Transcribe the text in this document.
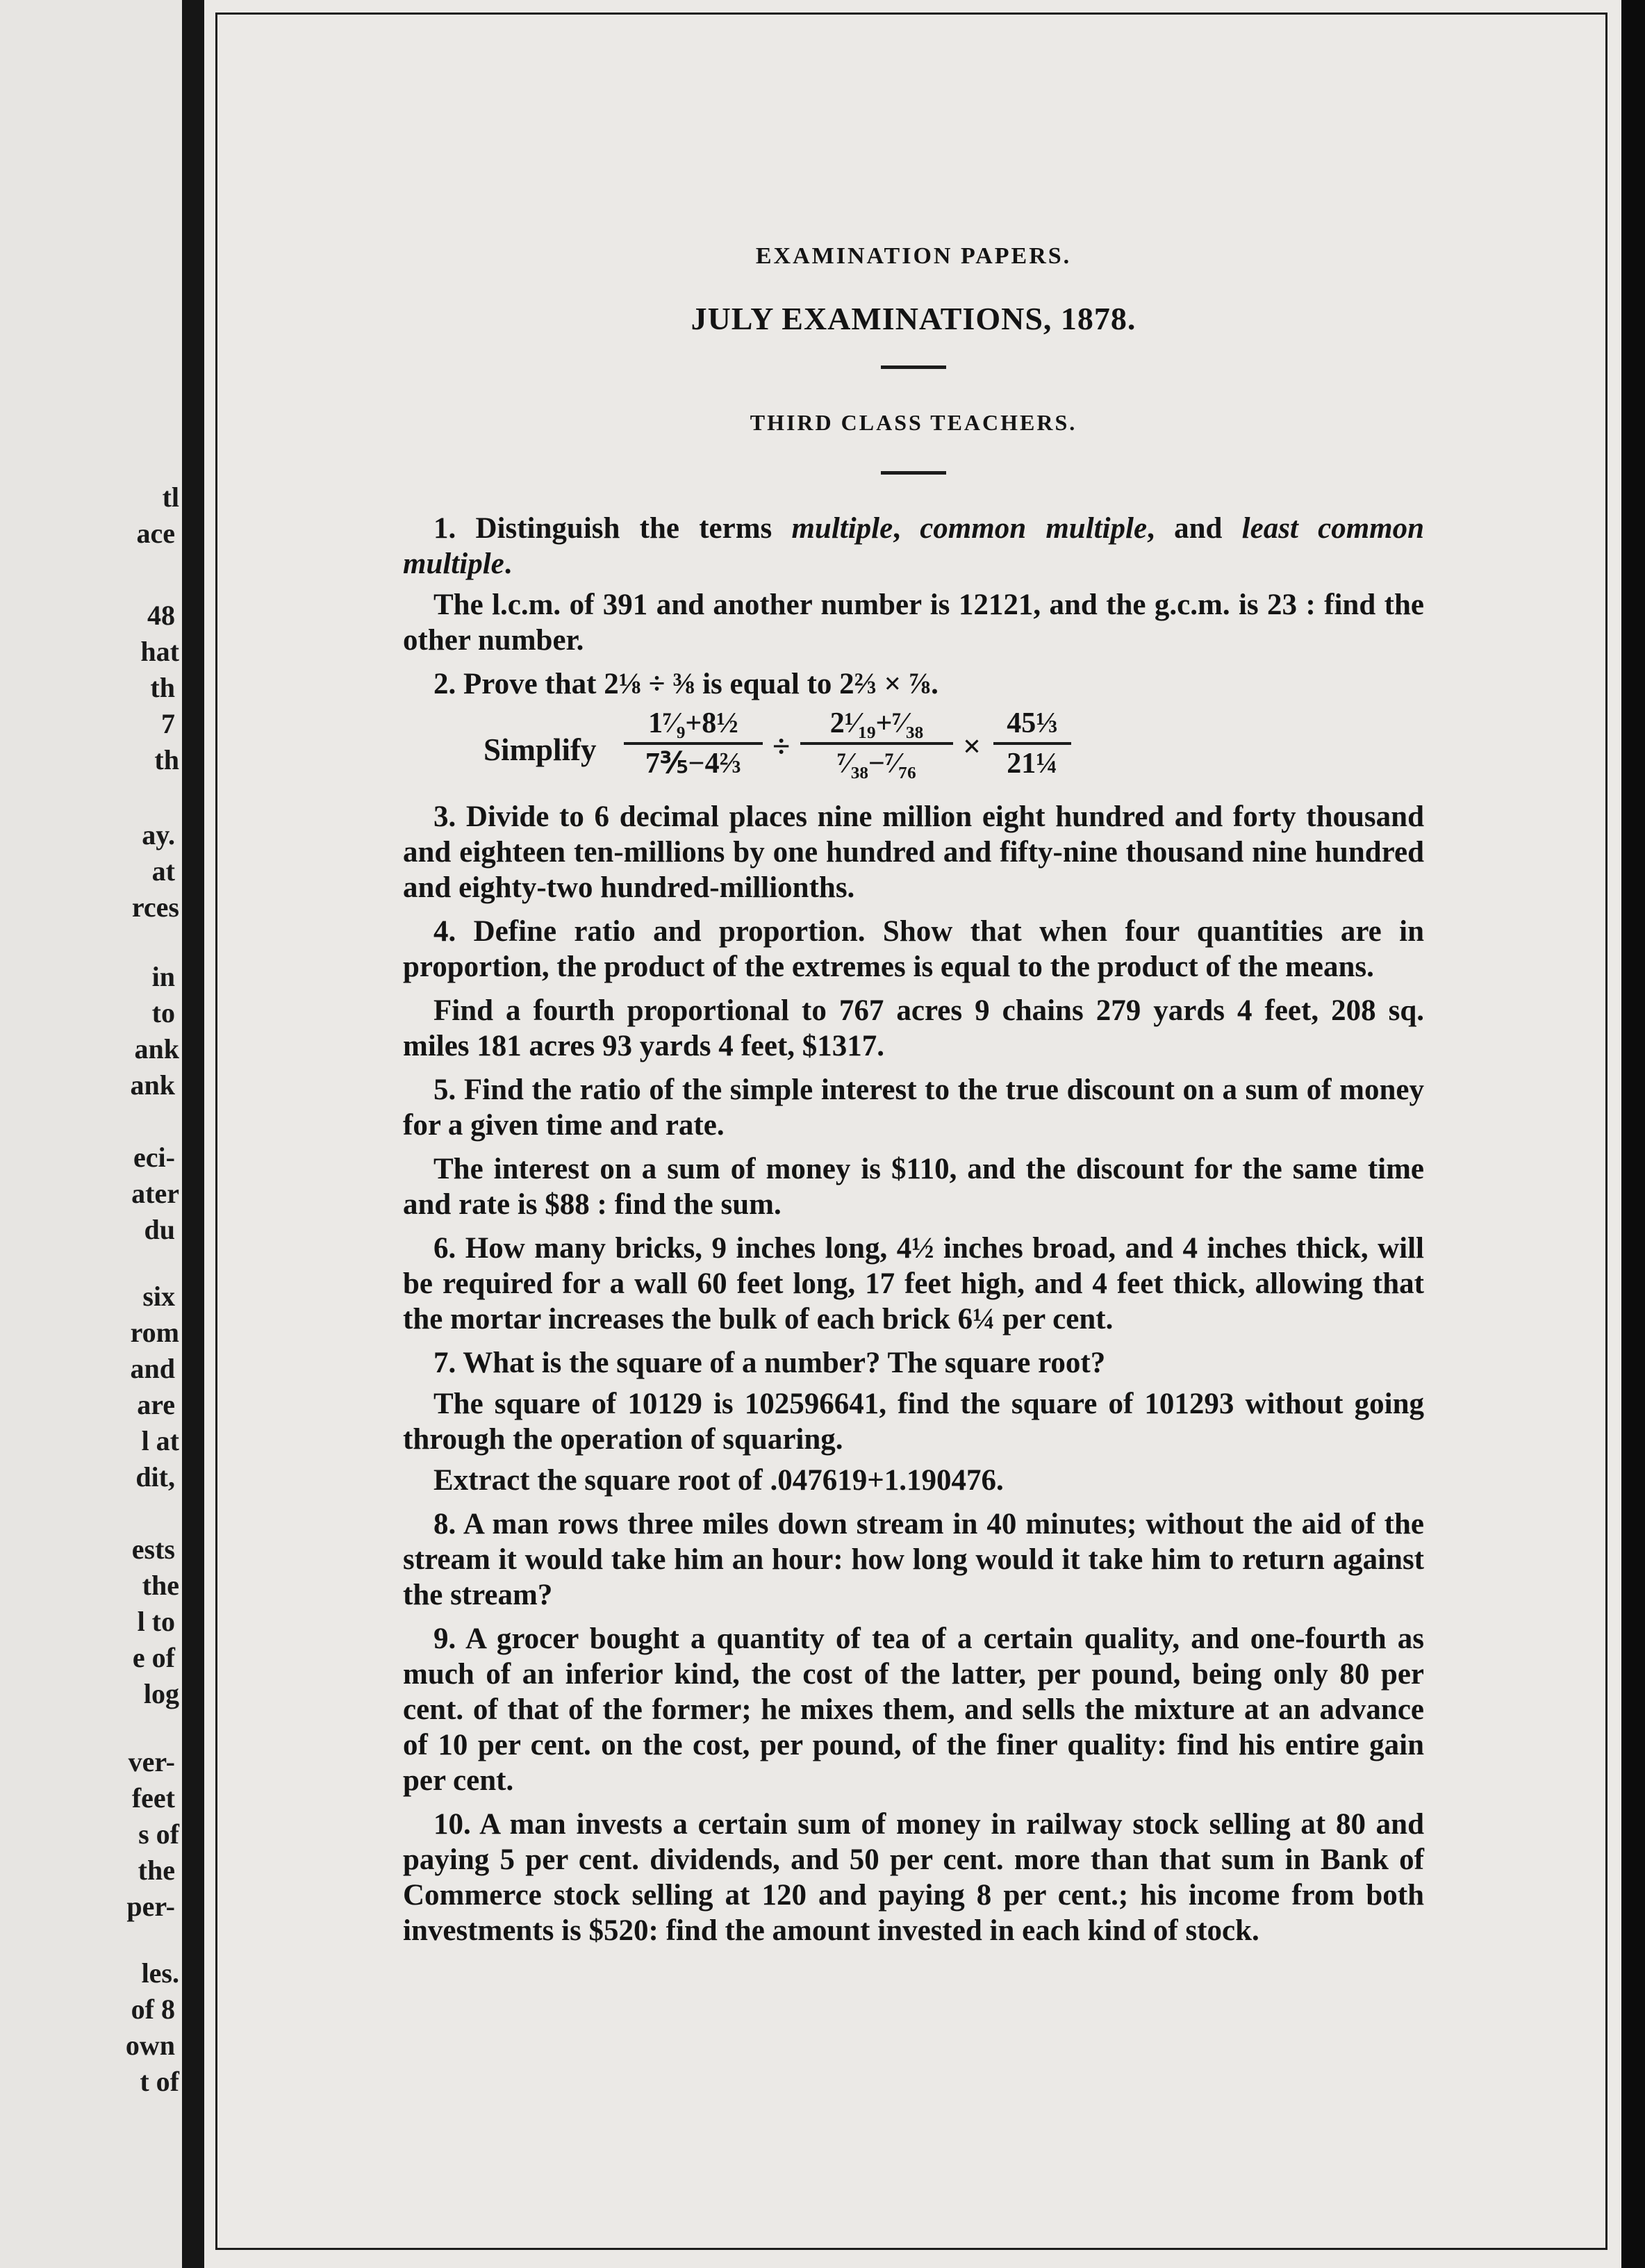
tl
ace
48
hat
th
7
th
ay.
at
rces
in
to
ank
ank
eci-
ater
du
six
rom
and
are
l at
dit,
ests
the
l to
e of
log
ver-
feet
s of
the
per-
les.
of 8
own
t of
EXAMINATION PAPERS.
JULY EXAMINATIONS, 1878.
THIRD CLASS TEACHERS.

1. Distinguish the terms multiple, common multiple, and least common multiple.

The l.c.m. of 391 and another number is 12121, and the g.c.m. is 23 : find the other number.

2. Prove that 2⅛ ÷ ⅜ is equal to 2⅔ × ⅞.

Simplify $\frac{\text{1⁷⁄₉+8½}}{\text{7⅗−4⅔}}$ ÷
2¹⁄₁₉+⁷⁄₃₈
⁷⁄₃₈−⁷⁄₇₆	× $\frac{\text{45⅓}}{\text{21¼}}$

3. Divide to 6 decimal places nine million eight hundred and forty thousand and eighteen ten-millions by one hundred and fifty-nine thousand nine hundred and eighty-two hundred-millionths.

4. Define ratio and proportion. Show that when four quantities are in proportion, the product of the extremes is equal to the product of the means.

Find a fourth proportional to 767 acres 9 chains 279 yards 4 feet, 208 sq. miles 181 acres 93 yards 4 feet, $1317.

5. Find the ratio of the simple interest to the true discount on a sum of money for a given time and rate.

The interest on a sum of money is $110, and the discount for the same time and rate is $88 : find the sum.

6. How many bricks, 9 inches long, 4½ inches broad, and 4 inches thick, will be required for a wall 60 feet long, 17 feet high, and 4 feet thick, allowing that the mortar increases the bulk of each brick 6¼ per cent.

7. What is the square of a number? The square root?

The square of 10129 is 102596641, find the square of 101293 without going through the operation of squaring.

Extract the square root of .047619+1.190476.

8. A man rows three miles down stream in 40 minutes; without the aid of the stream it would take him an hour: how long would it take him to return against the stream?

9. A grocer bought a quantity of tea of a certain quality, and one-fourth as much of an inferior kind, the cost of the latter, per pound, being only 80 per cent. of that of the former; he mixes them, and sells the mixture at an advance of 10 per cent. on the cost, per pound, of the finer quality: find his entire gain per cent.

10. A man invests a certain sum of money in railway stock selling at 80 and paying 5 per cent. dividends, and 50 per cent. more than that sum in Bank of Commerce stock selling at 120 and paying 8 per cent.; his income from both investments is $520: find the amount invested in each kind of stock.
